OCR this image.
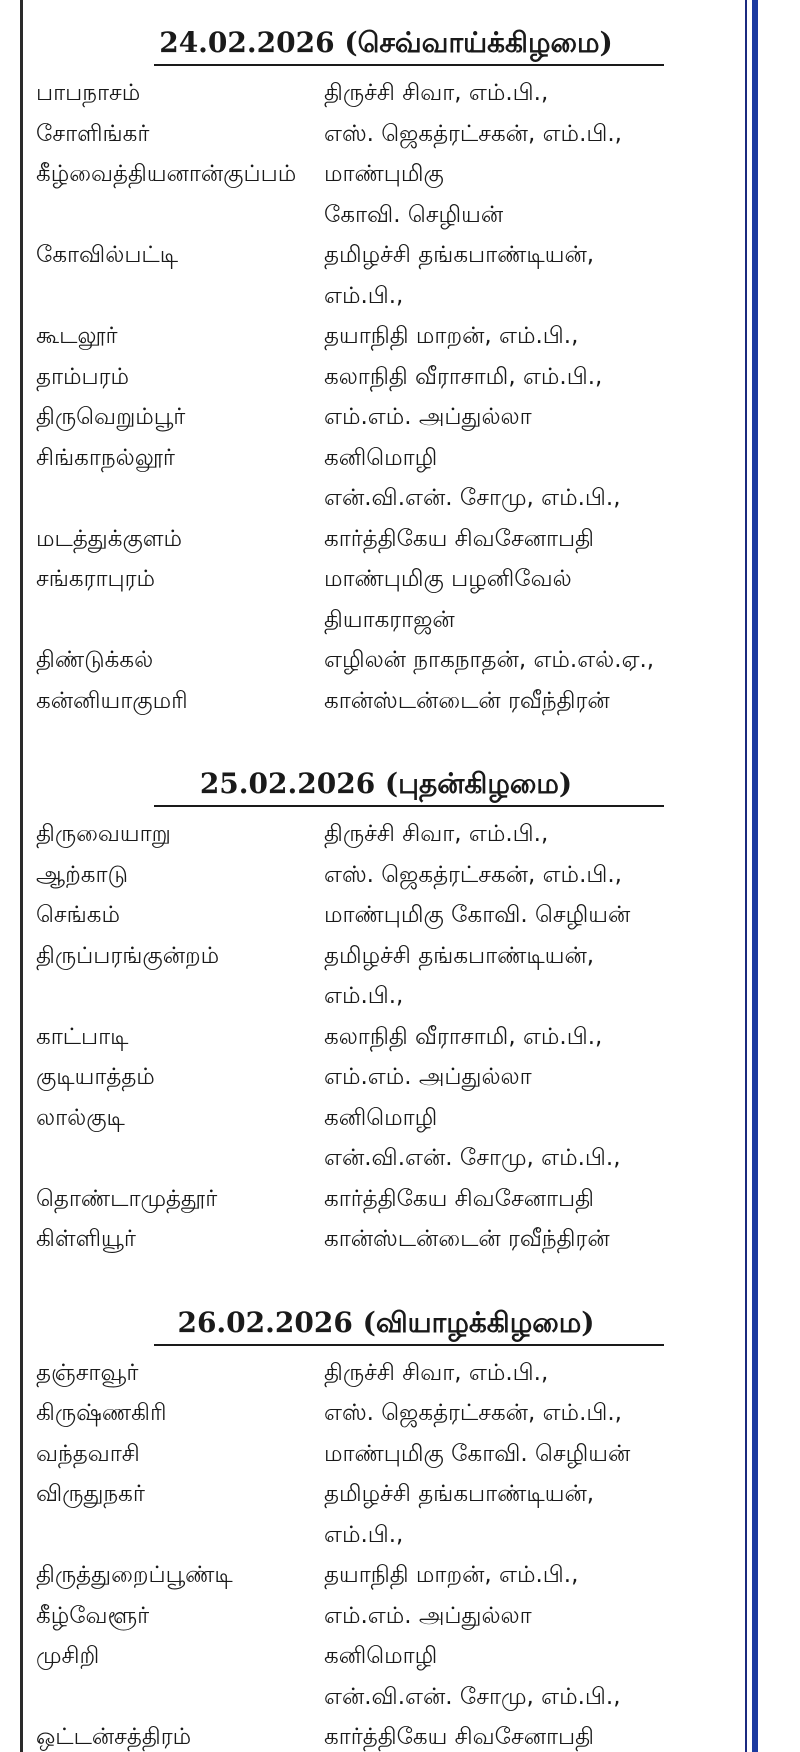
24.02.2026 (செவ்வாய்க்கிழமை)
பாபநாசம்	திருச்சி சிவா, எம்.பி.,
சோளிங்கர்	எஸ். ஜெகத்ரட்சகன், எம்.பி.,
கீழ்வைத்தியனான்குப்பம் மாண்புமிகு
கோவி. செழியன்
கோவில்பட்டி	தமிழச்சி தங்கபாண்டியன்,
எம்.பி.,
கூடலூர்	தயாநிதி மாறன், எம்.பி.,
தாம்பரம்	கலாநிதி வீராசாமி, எம்.பி.,
திருவெறும்பூர்	எம்.எம். அப்துல்லா
சிங்காநல்லூர்	கனிமொழி
என்.வி.என். சோமு, எம்.பி.,
மடத்துக்குளம்	கார்த்திகேய சிவசேனாபதி
சங்கராபுரம்	மாண்புமிகு பழனிவேல்
தியாகராஜன்
திண்டுக்கல்	எழிலன் நாகநாதன், எம்.எல்.ஏ.,
கன்னியாகுமரி	கான்ஸ்டன்டைன் ரவீந்திரன்
25.02.2026 (புதன்கிழமை)
திருவையாறு	திருச்சி சிவா, எம்.பி.,
ஆற்காடு	எஸ். ஜெகத்ரட்சகன், எம்.பி.,
செங்கம்	மாண்புமிகு கோவி. செழியன்
திருப்பரங்குன்றம்	தமிழச்சி தங்கபாண்டியன்,
எம்.பி.,
காட்பாடி	கலாநிதி வீராசாமி, எம்.பி.,
குடியாத்தம்	எம்.எம். அப்துல்லா
லால்குடி	கனிமொழி
என்.வி.என். சோமு, எம்.பி.,
தொண்டாமுத்தூர்	கார்த்திகேய சிவசேனாபதி
கிள்ளியூர்	கான்ஸ்டன்டைன் ரவீந்திரன்
26.02.2026 (வியாழக்கிழமை)
தஞ்சாவூர்	திருச்சி சிவா, எம்.பி.,
கிருஷ்ணகிரி	எஸ். ஜெகத்ரட்சகன், எம்.பி.,
வந்தவாசி	மாண்புமிகு கோவி. செழியன்
விருதுநகர்	தமிழச்சி தங்கபாண்டியன்,
எம்.பி.,
திருத்துறைப்பூண்டி	தயாநிதி மாறன், எம்.பி.,
கீழ்வேளூர்	எம்.எம். அப்துல்லா
முசிறி	கனிமொழி
என்.வி.என். சோமு, எம்.பி.,
ஒட்டன்சத்திரம்	கார்த்திகேய சிவசேனாபதி
